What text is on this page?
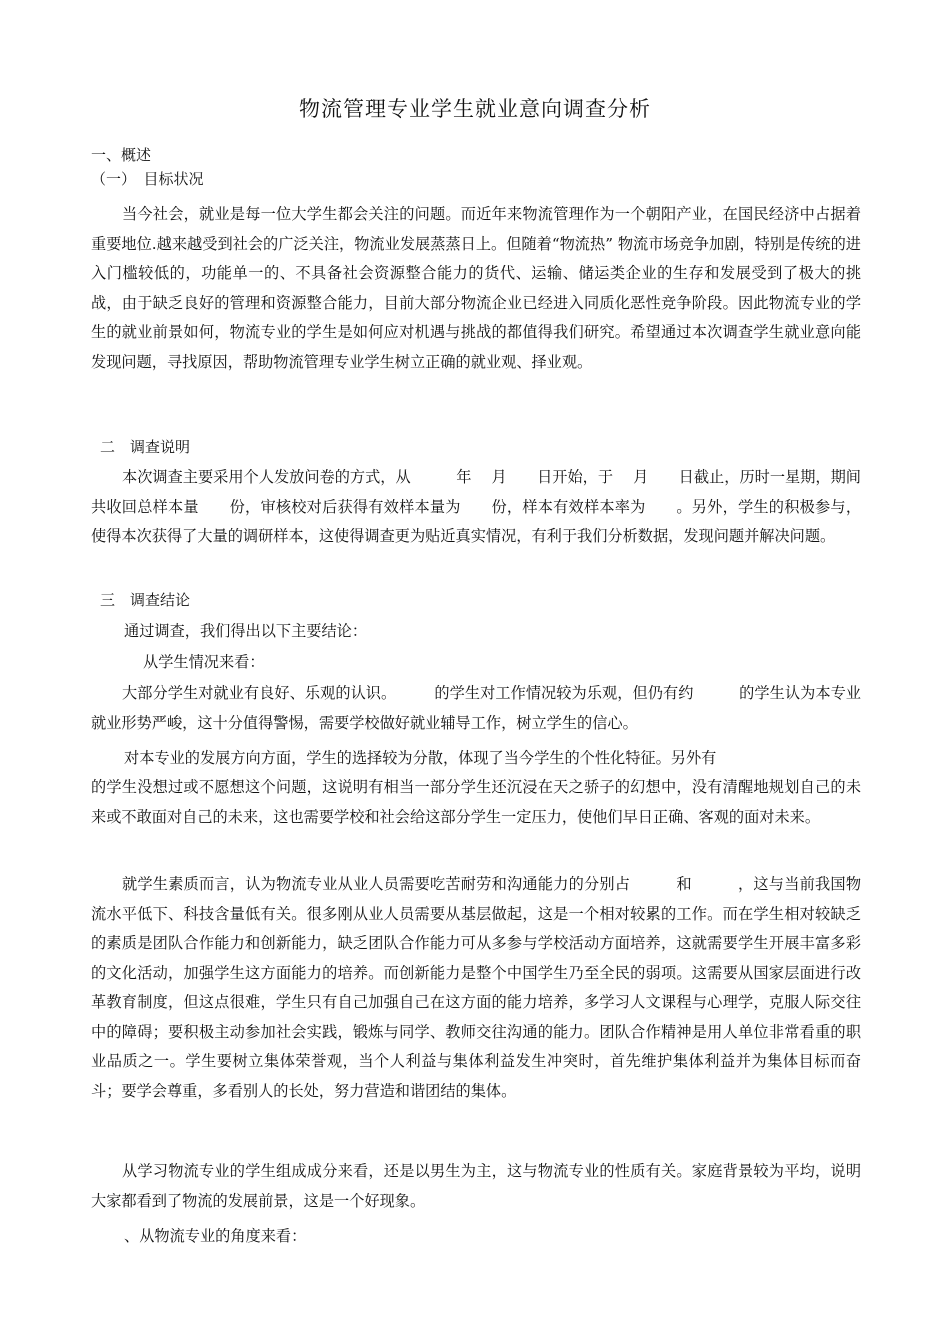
物流管理专业学生就业意向调查分析
一、概述
（一）　目标状况
当今社会，就业是每一位大学生都会关注的问题。而近年来物流管理作为一个朝阳产业，在国民经济中占据着重要地位.越来越受到社会的广泛关注，物流业发展蒸蒸日上。但随着“物流热” 物流市场竞争加剧，特别是传统的进入门槛较低的，功能单一的、不具备社会资源整合能力的货代、运输、储运类企业的生存和发展受到了极大的挑战，由于缺乏良好的管理和资源整合能力，目前大部分物流企业已经进入同质化恶性竞争阶段。因此物流专业的学生的就业前景如何，物流专业的学生是如何应对机遇与挑战的都值得我们研究。希望通过本次调查学生就业意向能发现问题，寻找原因，帮助物流管理专业学生树立正确的就业观、择业观。
二　调查说明
本次调查主要采用个人发放问卷的方式，从　　　年　 月　　日开始，于　 月　　日截止，历时一星期，期间共收回总样本量　　份，审核校对后获得有效样本量为　　份，样本有效样本率为　　。另外，学生的积极参与，使得本次获得了大量的调研样本，这使得调查更为贴近真实情况，有利于我们分析数据，发现问题并解决问题。
三　调查结论
通过调查，我们得出以下主要结论：
从学生情况来看：
大部分学生对就业有良好、乐观的认识。　　　的学生对工作情况较为乐观，但仍有约　　　的学生认为本专业就业形势严峻，这十分值得警惕，需要学校做好就业辅导工作，树立学生的信心。
对本专业的发展方向方面，学生的选择较为分散，体现了当今学生的个性化特征。另外有
的学生没想过或不愿想这个问题，这说明有相当一部分学生还沉浸在天之骄子的幻想中，没有清醒地规划自己的未来或不敢面对自己的未来，这也需要学校和社会给这部分学生一定压力，使他们早日正确、客观的面对未来。
就学生素质而言，认为物流专业从业人员需要吃苦耐劳和沟通能力的分别占　　　和　　　，这与当前我国物流水平低下、科技含量低有关。很多刚从业人员需要从基层做起，这是一个相对较累的工作。而在学生相对较缺乏的素质是团队合作能力和创新能力，缺乏团队合作能力可从多参与学校活动方面培养，这就需要学生开展丰富多彩的文化活动，加强学生这方面能力的培养。而创新能力是整个中国学生乃至全民的弱项。这需要从国家层面进行改革教育制度，但这点很难，学生只有自己加强自己在这方面的能力培养，多学习人文课程与心理学，克服人际交往中的障碍；要积极主动参加社会实践，锻炼与同学、教师交往沟通的能力。团队合作精神是用人单位非常看重的职业品质之一。学生要树立集体荣誉观，当个人利益与集体利益发生冲突时，首先维护集体利益并为集体目标而奋斗；要学会尊重，多看别人的长处，努力营造和谐团结的集体。
从学习物流专业的学生组成成分来看，还是以男生为主，这与物流专业的性质有关。家庭背景较为平均，说明大家都看到了物流的发展前景，这是一个好现象。
、从物流专业的角度来看：
